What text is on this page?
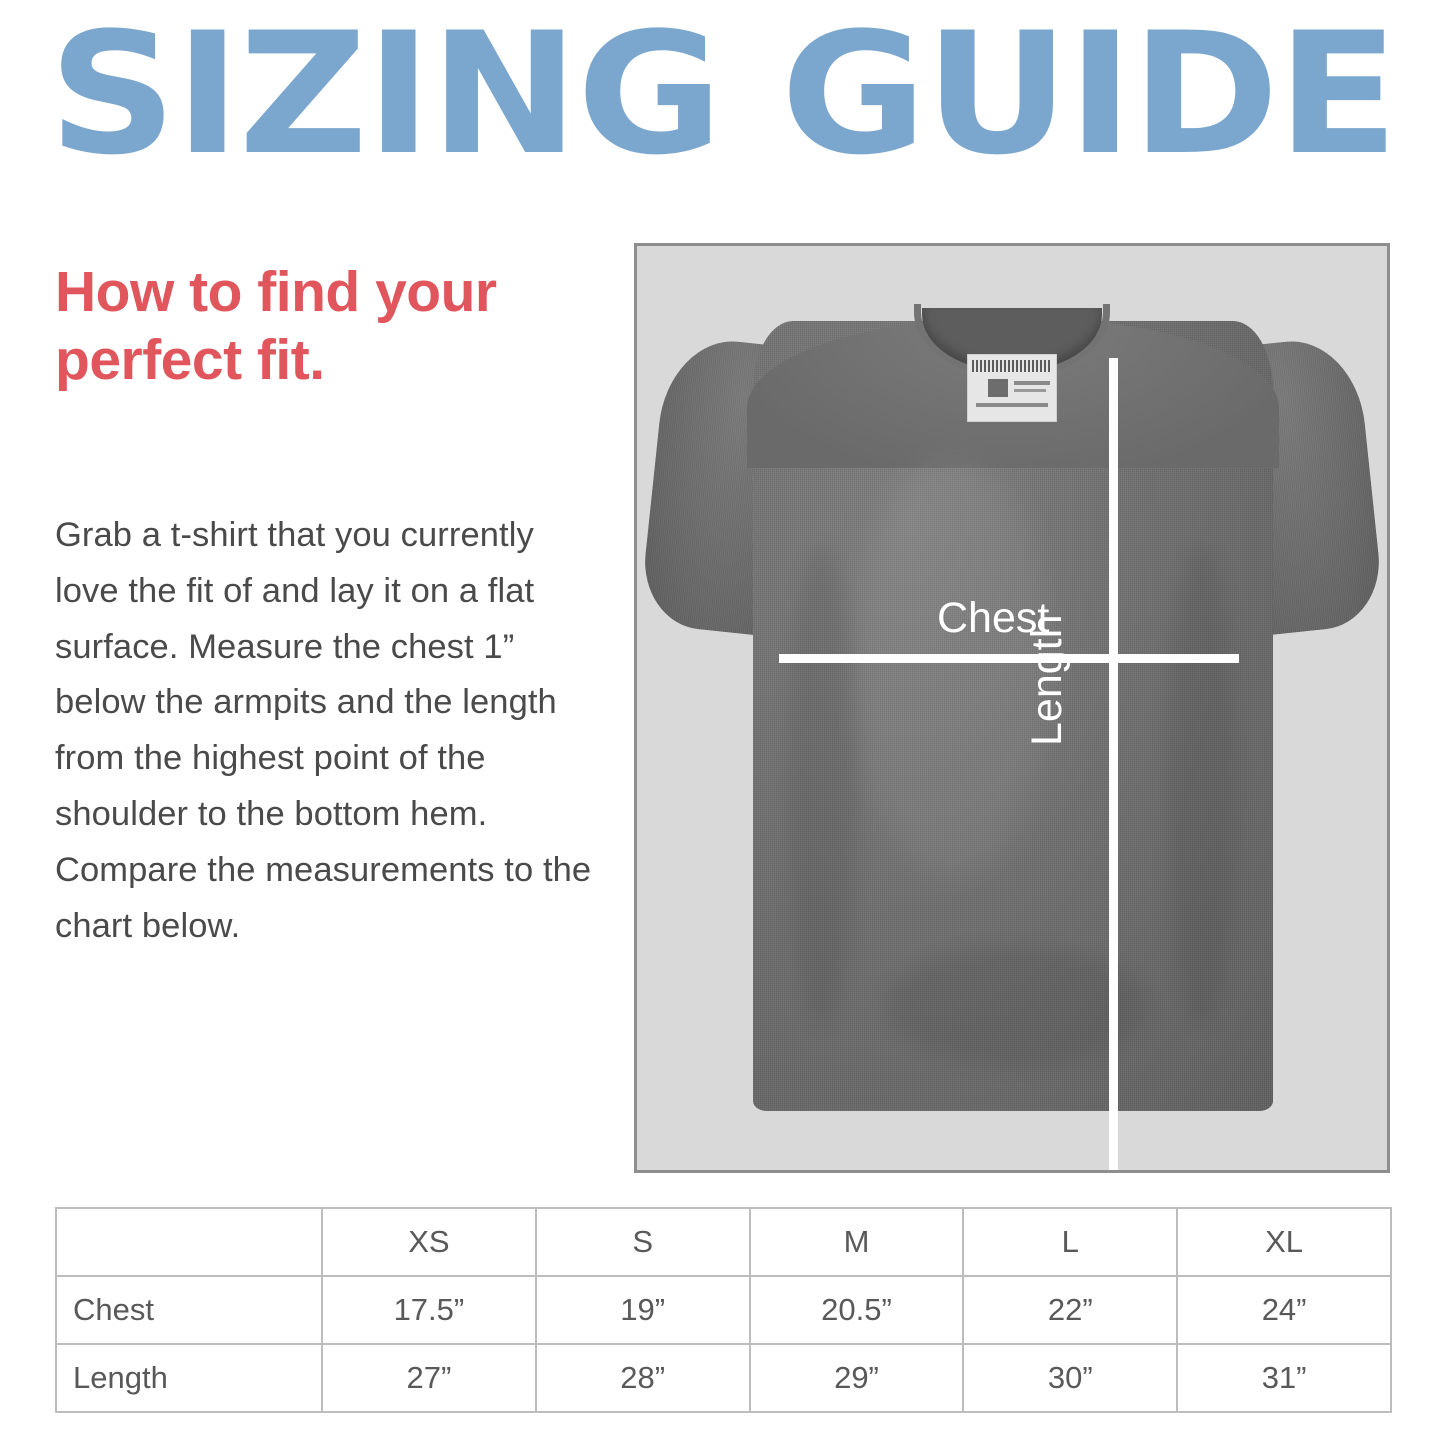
SIZING GUIDE
How to find your perfect fit.

Grab a t-shirt that you currently love the fit of and lay it on a flat surface. Measure the chest 1” below the armpits and the length from the highest point of the shoulder to the bottom hem. Compare the measurements to the chart below.

Chest
Length
	XS	S	M	L	XL
Chest	17.5”	19”	20.5”	22”	24”
Length	27”	28”	29”	30”	31”
